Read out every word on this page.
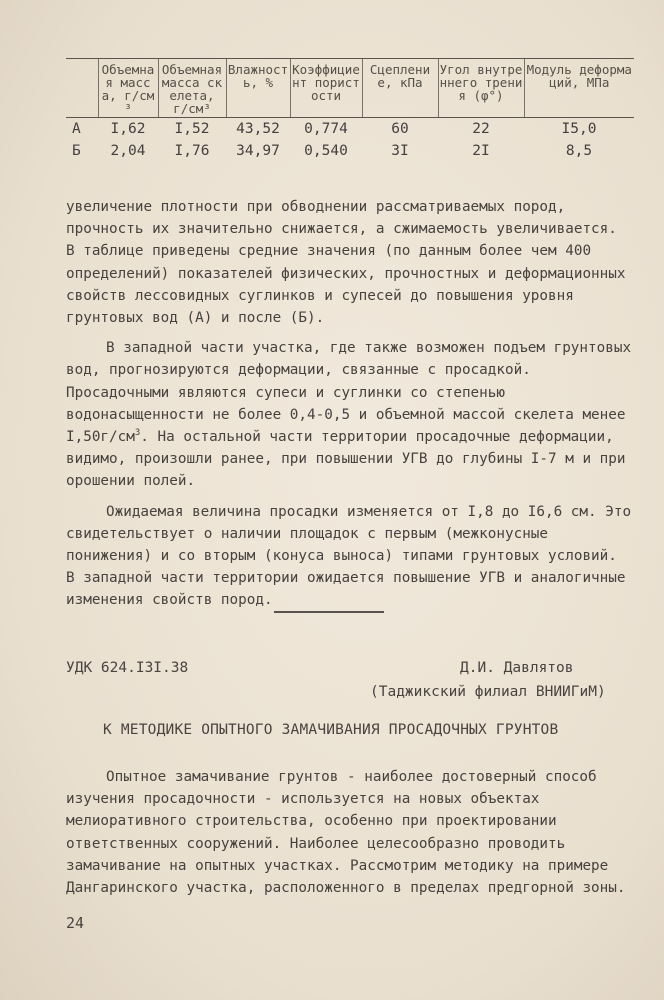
	Объемная масса, г/см³	Объемная масса скелета, г/см³	Влажность, %	Коэффициент пористости	Сцепление, кПа	Угол внутреннего трения (φ°)	Модуль деформаций, МПа
А	I,62	I,52	43,52	0,774	60	22	I5,0
Б	2,04	I,76	34,97	0,540	3I	2I	8,5

увеличение плотности при обводнении рассматриваемых пород, прочность их значительно снижается, а сжимаемость увеличивается. В таблице приведены средние значения (по данным более чем 400 определений) показателей физических, прочностных и деформационных свойств лессовидных суглинков и супесей до повышения уровня грунтовых вод (А) и после (Б).

В западной части участка, где также возможен подъем грунтовых вод, прогнозируются деформации, связанные с просадкой. Просадочными являются супеси и суглинки со степенью водонасыщенности не более 0,4-0,5 и объемной массой скелета менее $I,50г/см^3$. На остальной части территории просадочные деформации, видимо, произошли ранее, при повышении УГВ до глубины I-7 м и при орошении полей.

Ожидаемая величина просадки изменяется от I,8 до I6,6 см. Это свидетельствует о наличии площадок с первым (межконусные понижения) и со вторым (конуса выноса) типами грунтовых условий. В западной части территории ожидается повышение УГВ и аналогичные изменения свойств пород.

УДК 624.I3I.38	Д.И. Давлятов
(Таджикский филиал ВНИИГиМ)
К МЕТОДИКЕ ОПЫТНОГО ЗАМАЧИВАНИЯ ПРОСАДОЧНЫХ ГРУНТОВ

Опытное замачивание грунтов - наиболее достоверный способ изучения просадочности - используется на новых объектах мелиоративного строительства, особенно при проектировании ответственных сооружений. Наиболее целесообразно проводить замачивание на опытных участках. Рассмотрим методику на примере Дангаринского участка, расположенного в пределах предгорной зоны.

24
